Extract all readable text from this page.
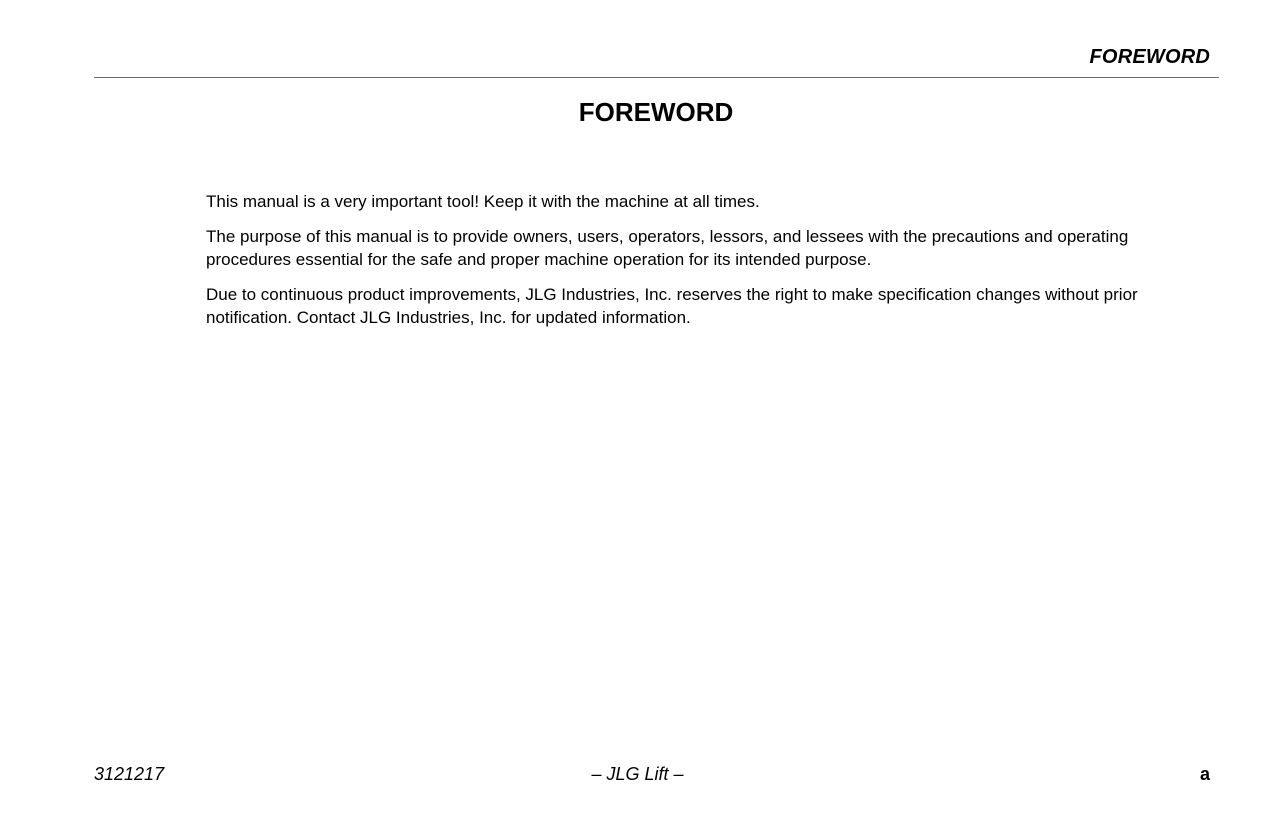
FOREWORD
FOREWORD

This manual is a very important tool! Keep it with the machine at all times.

The purpose of this manual is to provide owners, users, operators, lessors, and lessees with the precautions and operating procedures essential for the safe and proper machine operation for its intended purpose.

Due to continuous product improvements, JLG Industries, Inc. reserves the right to make specification changes without prior notification. Contact JLG Industries, Inc. for updated information.

– JLG Lift –
3121217	a
